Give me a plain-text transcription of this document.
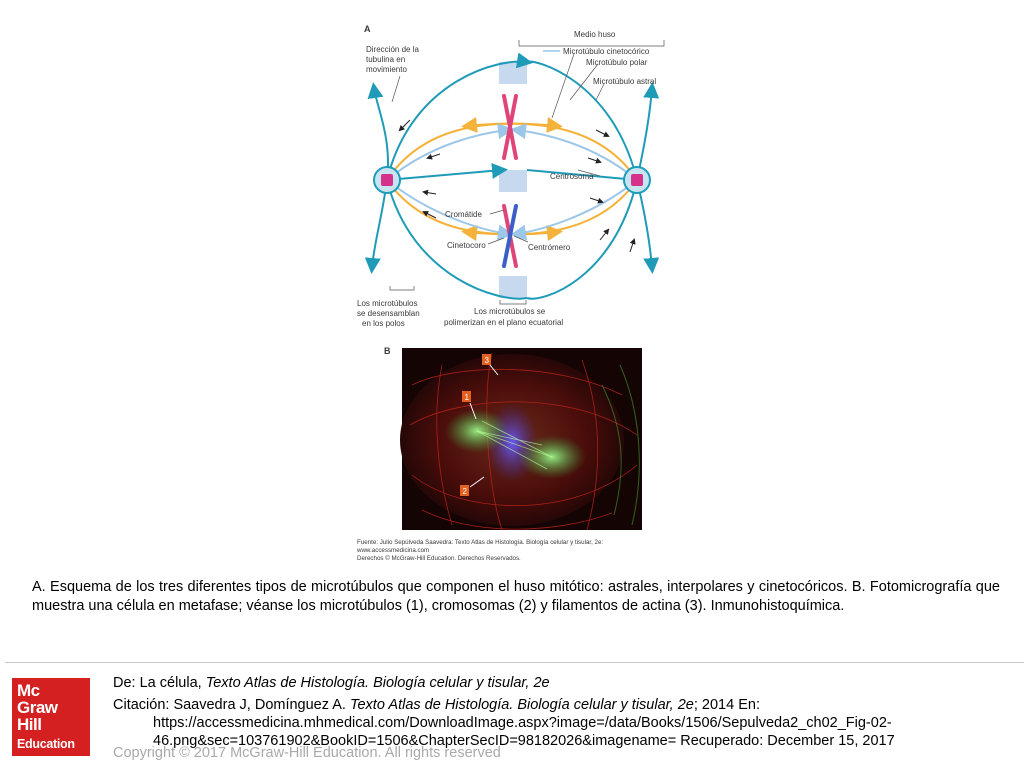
A
Dirección de la tubulina en movimiento
Medio huso
Microtúbulo cinetocórico
Microtúbulo polar
Microtúbulo astral
Centrosoma
Cromátide
Cinetocoro	Centrómero
Los microtúbulos se desensamblan en los polos
Los microtúbulos se polimerizan en el plano ecuatorial
B
1
2
3
Fuente: Julio Sepúlveda Saavedra: Texto Atlas de Histología. Biología celular y tisular, 2e: www.accessmedicina.com Derechos © McGraw-Hill Education. Derechos Reservados.
A. Esquema de los tres diferentes tipos de microtúbulos que componen el huso mitótico: astrales, interpolares y cinetocóricos. B. Fotomicrografía que muestra una célula en metafase; véanse los microtúbulos (1), cromosomas (2) y filamentos de actina (3). Inmunohistoquímica.
Mc
Graw
Hill
Education
De: La célula, Texto Atlas de Histología. Biología celular y tisular, 2e
Citación: Saavedra J, Domínguez A. Texto Atlas de Histología. Biología celular y tisular, 2e; 2014 En:
https://accessmedicina.mhmedical.com/DownloadImage.aspx?image=/data/Books/1506/Sepulveda2_ch02_Fig-02-
46.png&sec=103761902&BookID=1506&ChapterSecID=98182026&imagename= Recuperado: December 15, 2017
Copyright © 2017 McGraw-Hill Education. All rights reserved
